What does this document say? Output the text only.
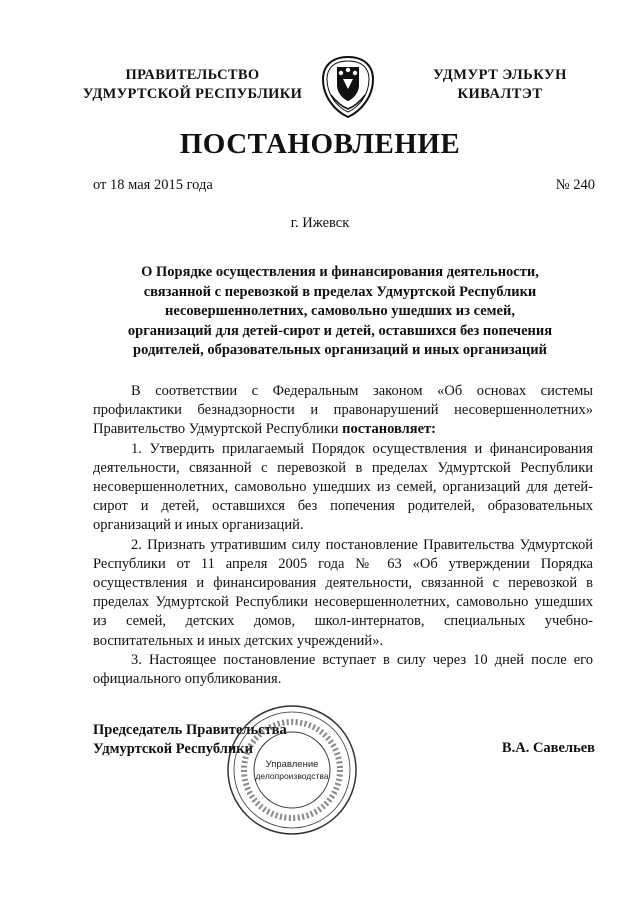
ПРАВИТЕЛЬСТВО
УДМУРТСКОЙ РЕСПУБЛИКИ
УДМУРТ ЭЛЬКУН
КИВАЛТЭТ
ПОСТАНОВЛЕНИЕ
от 18 мая 2015 года	№ 240
г. Ижевск
О Порядке осуществления и финансирования деятельности,
связанной с перевозкой в пределах Удмуртской Республики
несовершеннолетних, самовольно ушедших из семей,
организаций для детей-сирот и детей, оставшихся без попечения
родителей, образовательных организаций и иных организаций

В соответствии с Федеральным законом «Об основах системы профилактики безнадзорности и правонарушений несовершеннолетних» Правительство Удмуртской Республики постановляет:

1. Утвердить прилагаемый Порядок осуществления и финансирования деятельности, связанной с перевозкой в пределах Удмуртской Республики несовершеннолетних, самовольно ушедших из семей, организаций для детей-сирот и детей, оставшихся без попечения родителей, образовательных организаций и иных организаций.

2. Признать утратившим силу постановление Правительства Удмуртской Республики от 11 апреля 2005 года № 63 «Об утверждении Порядка осуществления и финансирования деятельности, связанной с перевозкой в пределах Удмуртской Республики несовершеннолетних, самовольно ушедших из семей, детских домов, школ-интернатов, специальных учебно-воспитательных и иных детских учреждений».

3. Настоящее постановление вступает в силу через 10 дней после его официального опубликования.

Председатель Правительства
Удмуртской Республики
Управление
делопроизводства
В.А. Савельев
